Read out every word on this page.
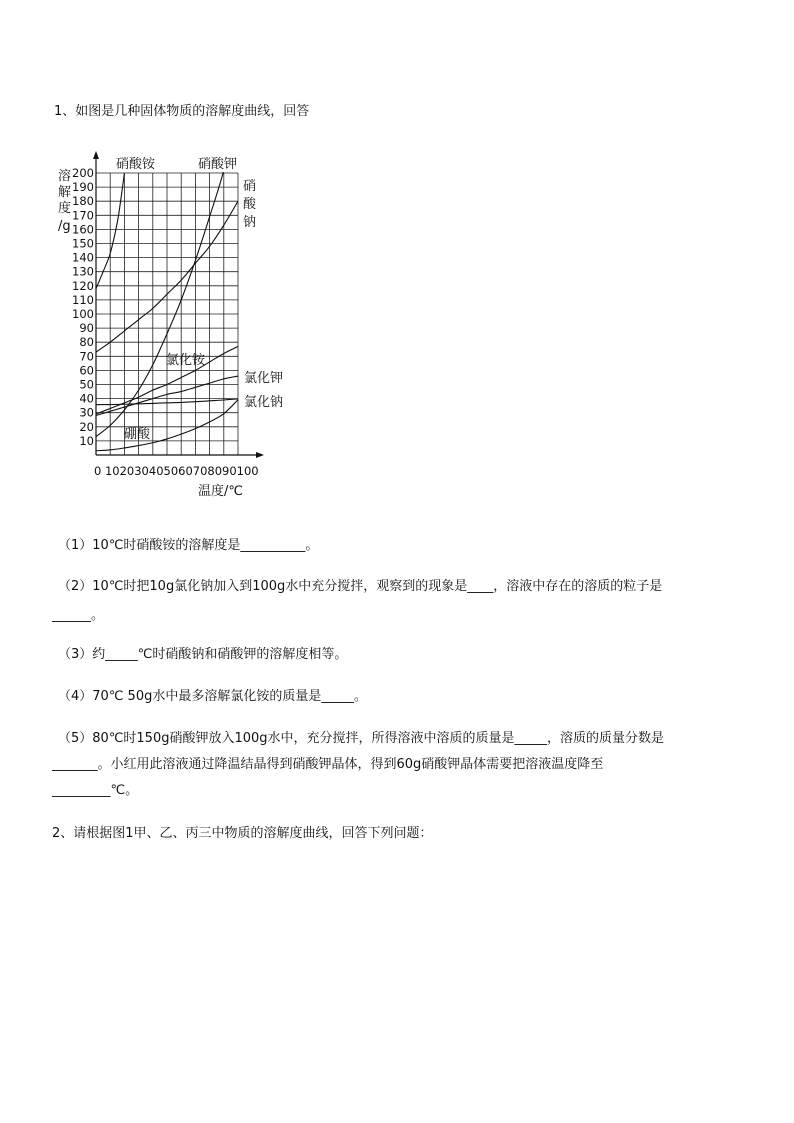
1、如图是几种固体物质的溶解度曲线，回答
溶
解
度
/g
10
20
30
40
50
60
70
80
90
100
110
120
130
140
150
160
170
180
190
200
0 102030405060708090100
温度/℃
硝酸铵	硝酸钾
硝
酸
钠
氯化铵
氯化钾
氯化钠
硼酸
（1）10℃时硝酸铵的溶解度是__________。
（2）10℃时把10g氯化钠加入到100g水中充分搅拌，观察到的现象是____，溶液中存在的溶质的粒子是
______。
（3）约_____℃时硝酸钠和硝酸钾的溶解度相等。
（4）70℃ 50g水中最多溶解氯化铵的质量是_____。
（5）80℃时150g硝酸钾放入100g水中，充分搅拌，所得溶液中溶质的质量是_____，溶质的质量分数是
_______。小红用此溶液通过降温结晶得到硝酸钾晶体，得到60g硝酸钾晶体需要把溶液温度降至
_________℃。
2、请根据图1甲、乙、丙三中物质的溶解度曲线，回答下列问题：
